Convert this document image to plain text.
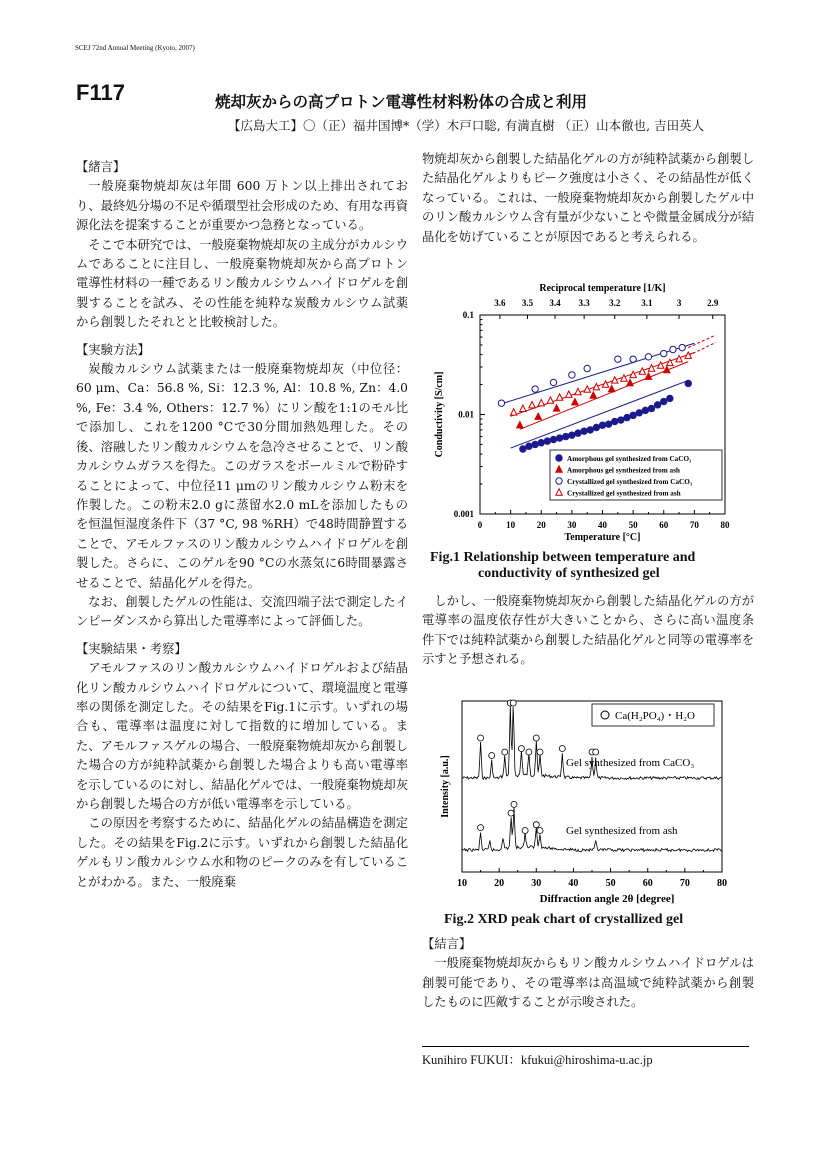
SCEJ 72nd Annual Meeting (Kyoto, 2007)
F117	焼却灰からの高プロトン電導性材料粉体の合成と利用
【広島大工】〇（正）福井国博*（学）木戸口聡, 有満直樹 （正）山本徹也, 吉田英人

【緒言】

一般廃棄物焼却灰は年間 600 万トン以上排出されており、最終処分場の不足や循環型社会形成のため、有用な再資源化法を提案することが重要かつ急務となっている。

そこで本研究では、一般廃棄物焼却灰の主成分がカルシウムであることに注目し、一般廃棄物焼却灰から高プロトン電導性材料の一種であるリン酸カルシウムハイドロゲルを創製することを試み、その性能を純粋な炭酸カルシウム試薬から創製したそれとと比較検討した。

【実験方法】

炭酸カルシウム試薬または一般廃棄物焼却灰（中位径：60 μm、Ca：56.8 %, Si：12.3 %, Al：10.8 %, Zn：4.0 %, Fe：3.4 %, Others：12.7 %）にリン酸を1:1のモル比で添加し、これを1200 °Cで30分間加熱処理した。その後、溶融したリン酸カルシウムを急冷させることで、リン酸カルシウムガラスを得た。このガラスをボールミルで粉砕することによって、中位径11 μmのリン酸カルシウム粉末を作製した。この粉末2.0 gに蒸留水2.0 mLを添加したものを恒温恒湿度条件下（37 °C, 98 %RH）で48時間静置することで、アモルファスのリン酸カルシウムハイドロゲルを創製した。さらに、このゲルを90 °Cの水蒸気に6時間暴露させることで、結晶化ゲルを得た。

なお、創製したゲルの性能は、交流四端子法で測定したインピーダンスから算出した電導率によって評価した。

【実験結果・考察】

アモルファスのリン酸カルシウムハイドロゲルおよび結晶化リン酸カルシウムハイドロゲルについて、環境温度と電導率の関係を測定した。その結果をFig.1に示す。いずれの場合も、電導率は温度に対して指数的に増加している。また、アモルファスゲルの場合、一般廃棄物焼却灰から創製した場合の方が純粋試薬から創製した場合よりも高い電導率を示しているのに対し、結晶化ゲルでは、一般廃棄物焼却灰から創製した場合の方が低い電導率を示している。

この原因を考察するために、結晶化ゲルの結晶構造を測定した。その結果をFig.2に示す。いずれから創製した結晶化ゲルもリン酸カルシウム水和物のピークのみを有していることがわかる。また、一般廃棄

物焼却灰から創製した結晶化ゲルの方が純粋試薬から創製した結晶化ゲルよりもピーク強度は小さく、その結晶性が低くなっている。これは、一般廃棄物焼却灰から創製したゲル中のリン酸カルシウム含有量が少ないことや微量金属成分が結晶化を妨げていることが原因であると考えられる。

Reciprocal temperature [1/K]
3.6 3.5 3.4 3.3 3.2 3.1	3	2.9
0	10 20 30 40 50 60 70 80
Temperature [°C]
0.001
0.01
0.1
Conductivity [S/cm]
Amorphous gel synthesized from CaCO₃
Amorphous gel synthesized from ash
Crystallized gel synthesized from CaCO₃
Crystallized gel synthesized from ash
Fig.1 Relationship between temperature and
conductivity of synthesized gel

しかし、一般廃棄物焼却灰から創製した結晶化ゲルの方が電導率の温度依存性が大きいことから、さらに高い温度条件下では純粋試薬から創製した結晶化ゲルと同等の電導率を示すと予想される。

10	20	30	40	50	60	70	80
Diffraction angle 2θ [degree]
Intensity [a.u.]
Ca(H₂PO₄)・H₂O
Gel synthesized from CaCO₃
Gel synthesized from ash
Fig.2 XRD peak chart of crystallized gel

【結言】

一般廃棄物焼却灰からもリン酸カルシウムハイドロゲルは創製可能であり、その電導率は高温域で純粋試薬から創製したものに匹敵することが示唆された。

Kunihiro FUKUI：kfukui@hiroshima-u.ac.jp
